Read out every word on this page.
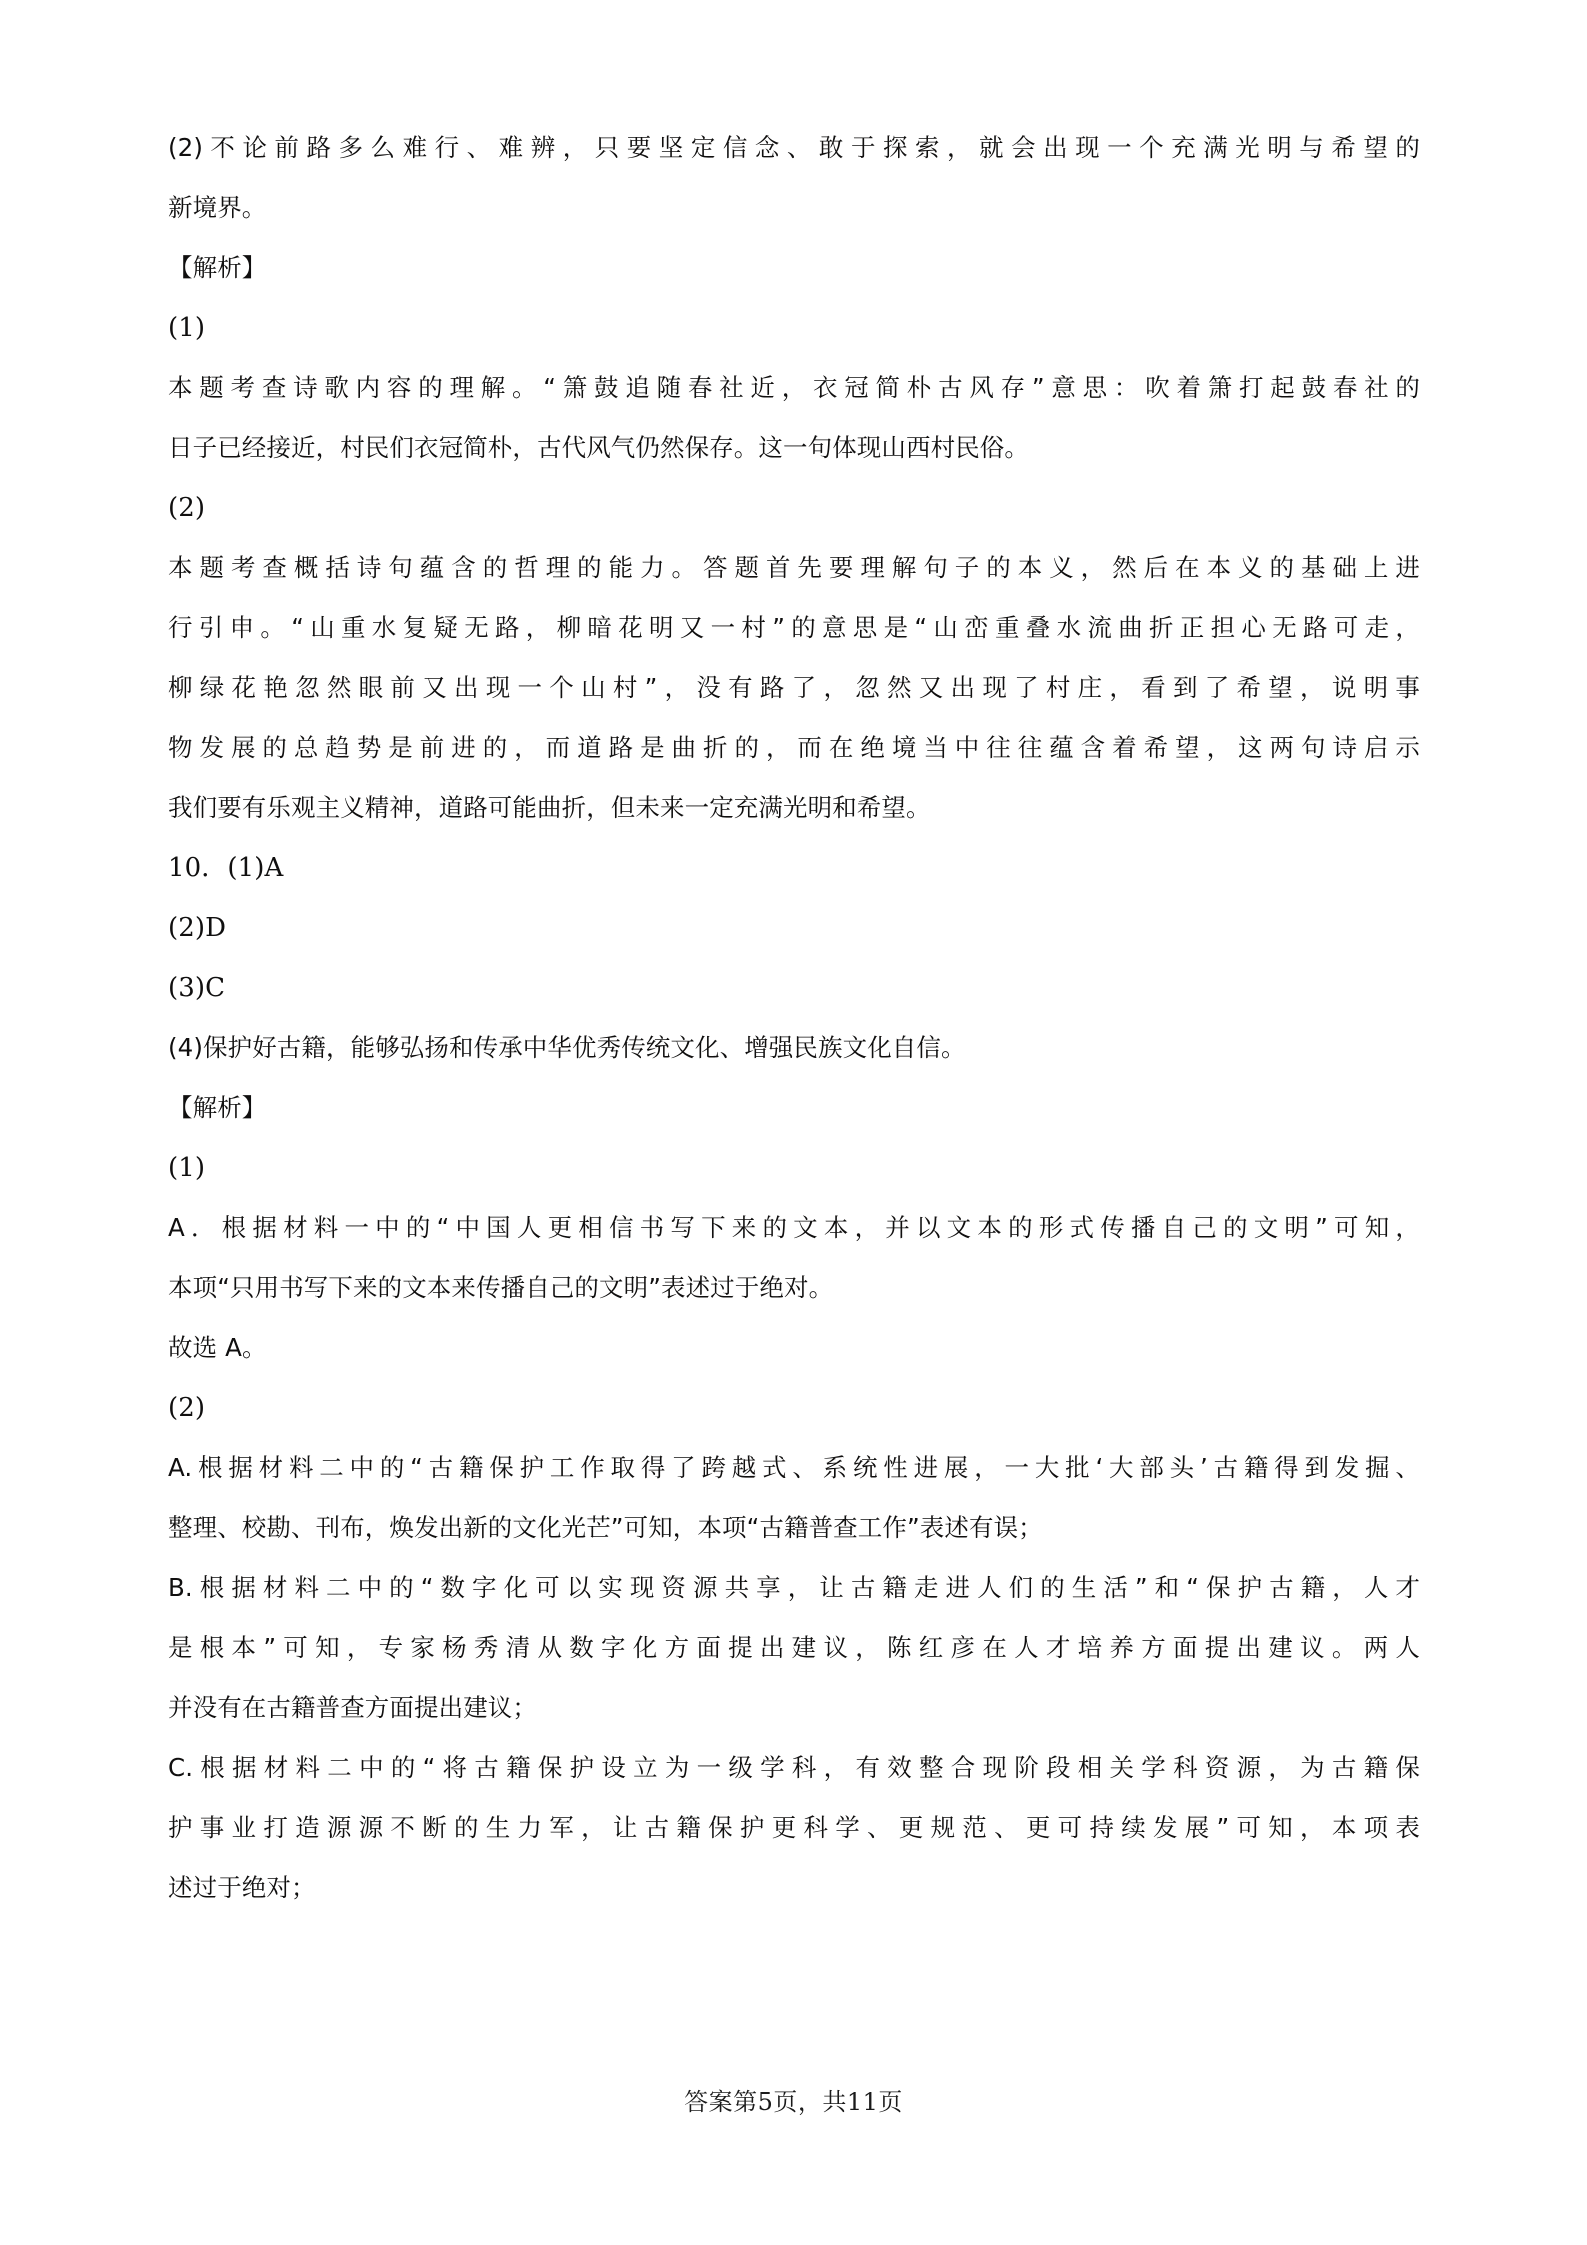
(2)不论前路多么难行、难辨，只要坚定信念、敢于探索，就会出现一个充满光明与希望的
新境界。
【解析】
(1)
本题考查诗歌内容的理解。“箫鼓追随春社近，衣冠简朴古风存”意思：吹着箫打起鼓春社的
日子已经接近，村民们衣冠简朴，古代风气仍然保存。这一句体现山西村民俗。
(2)
本题考查概括诗句蕴含的哲理的能力。答题首先要理解句子的本义，然后在本义的基础上进
行引申。“山重水复疑无路，柳暗花明又一村”的意思是“山峦重叠水流曲折正担心无路可走，
柳绿花艳忽然眼前又出现一个山村”，没有路了，忽然又出现了村庄，看到了希望，说明事
物发展的总趋势是前进的，而道路是曲折的，而在绝境当中往往蕴含着希望，这两句诗启示
我们要有乐观主义精神，道路可能曲折，但未来一定充满光明和希望。
10．(1)A
(2)D
(3)C
(4)保护好古籍，能够弘扬和传承中华优秀传统文化、增强民族文化自信。
【解析】
(1)
A．根据材料一中的“中国人更相信书写下来的文本，并以文本的形式传播自己的文明”可知，
本项“只用书写下来的文本来传播自己的文明”表述过于绝对。
故选 A。
(2)
A.根据材料二中的“古籍保护工作取得了跨越式、系统性进展，一大批‘大部头’古籍得到发掘、
整理、校勘、刊布，焕发出新的文化光芒”可知，本项“古籍普查工作”表述有误；
B.根据材料二中的“数字化可以实现资源共享，让古籍走进人们的生活”和“保护古籍，人才
是根本”可知，专家杨秀清从数字化方面提出建议，陈红彦在人才培养方面提出建议。两人
并没有在古籍普查方面提出建议；
C.根据材料二中的“将古籍保护设立为一级学科，有效整合现阶段相关学科资源，为古籍保
护事业打造源源不断的生力军，让古籍保护更科学、更规范、更可持续发展”可知，本项表
述过于绝对；
答案第5页，共11页
